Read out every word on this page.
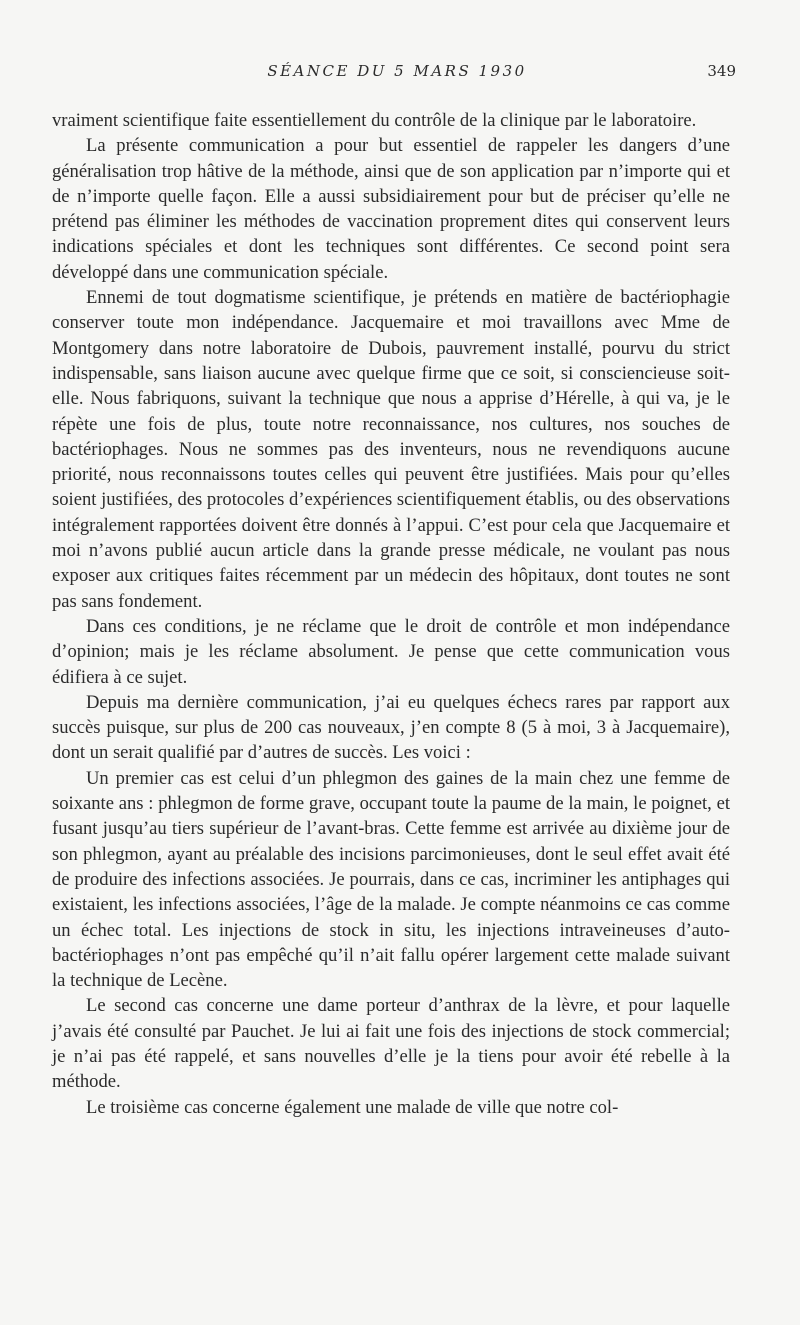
SÉANCE DU 5 MARS 1930	349

vraiment scientifique faite essentiellement du contrôle de la clinique par le laboratoire.

La présente communication a pour but essentiel de rappeler les dangers d’une généralisation trop hâtive de la méthode, ainsi que de son application par n’importe qui et de n’importe quelle façon. Elle a aussi subsidiairement pour but de préciser qu’elle ne prétend pas éliminer les méthodes de vaccination proprement dites qui conservent leurs indications spéciales et dont les techniques sont différentes. Ce second point sera développé dans une communication spéciale.

Ennemi de tout dogmatisme scientifique, je prétends en matière de bactériophagie conserver toute mon indépendance. Jacquemaire et moi travaillons avec Mme de Montgomery dans notre laboratoire de Dubois, pauvrement installé, pourvu du strict indispensable, sans liaison aucune avec quelque firme que ce soit, si consciencieuse soit-elle. Nous fabriquons, suivant la technique que nous a apprise d’Hérelle, à qui va, je le répète une fois de plus, toute notre reconnaissance, nos cultures, nos souches de bactériophages. Nous ne sommes pas des inventeurs, nous ne revendiquons aucune priorité, nous reconnaissons toutes celles qui peuvent être justifiées. Mais pour qu’elles soient justifiées, des protocoles d’expériences scientifiquement établis, ou des observations intégralement rapportées doivent être donnés à l’appui. C’est pour cela que Jacquemaire et moi n’avons publié aucun article dans la grande presse médicale, ne voulant pas nous exposer aux critiques faites récemment par un médecin des hôpitaux, dont toutes ne sont pas sans fondement.

Dans ces conditions, je ne réclame que le droit de contrôle et mon indépendance d’opinion; mais je les réclame absolument. Je pense que cette communication vous édifiera à ce sujet.

Depuis ma dernière communication, j’ai eu quelques échecs rares par rapport aux succès puisque, sur plus de 200 cas nouveaux, j’en compte 8 (5 à moi, 3 à Jacquemaire), dont un serait qualifié par d’autres de succès. Les voici :

Un premier cas est celui d’un phlegmon des gaines de la main chez une femme de soixante ans : phlegmon de forme grave, occupant toute la paume de la main, le poignet, et fusant jusqu’au tiers supérieur de l’avant-bras. Cette femme est arrivée au dixième jour de son phlegmon, ayant au préalable des incisions parcimonieuses, dont le seul effet avait été de produire des infections associées. Je pourrais, dans ce cas, incriminer les antiphages qui existaient, les infections associées, l’âge de la malade. Je compte néanmoins ce cas comme un échec total. Les injections de stock in situ, les injections intraveineuses d’auto-bactériophages n’ont pas empêché qu’il n’ait fallu opérer largement cette malade suivant la technique de Lecène.

Le second cas concerne une dame porteur d’anthrax de la lèvre, et pour laquelle j’avais été consulté par Pauchet. Je lui ai fait une fois des injections de stock commercial; je n’ai pas été rappelé, et sans nouvelles d’elle je la tiens pour avoir été rebelle à la méthode.

Le troisième cas concerne également une malade de ville que notre col-
